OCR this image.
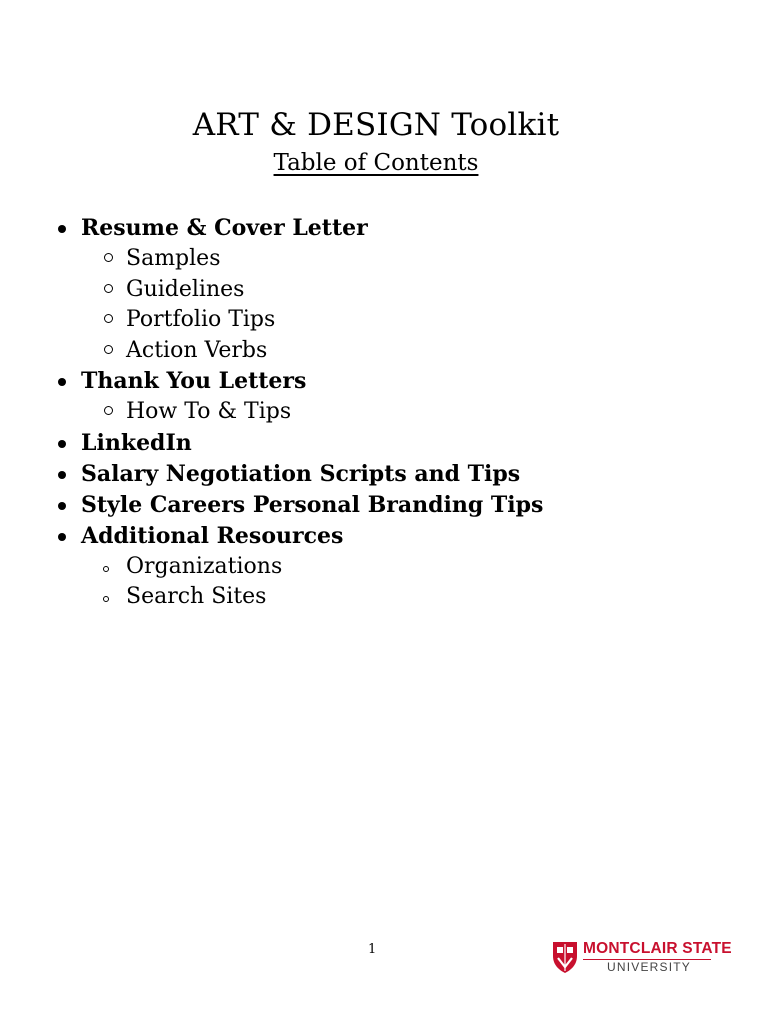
ART & DESIGN Toolkit
Table of Contents
Resume & Cover Letter
Samples
Guidelines
Portfolio Tips
Action Verbs
Thank You Letters
How To & Tips
LinkedIn
Salary Negotiation Scripts and Tips
Style Careers Personal Branding Tips
Additional Resources
Organizations
Search Sites
1	MONTCLAIR STATE
UNIVERSITY
